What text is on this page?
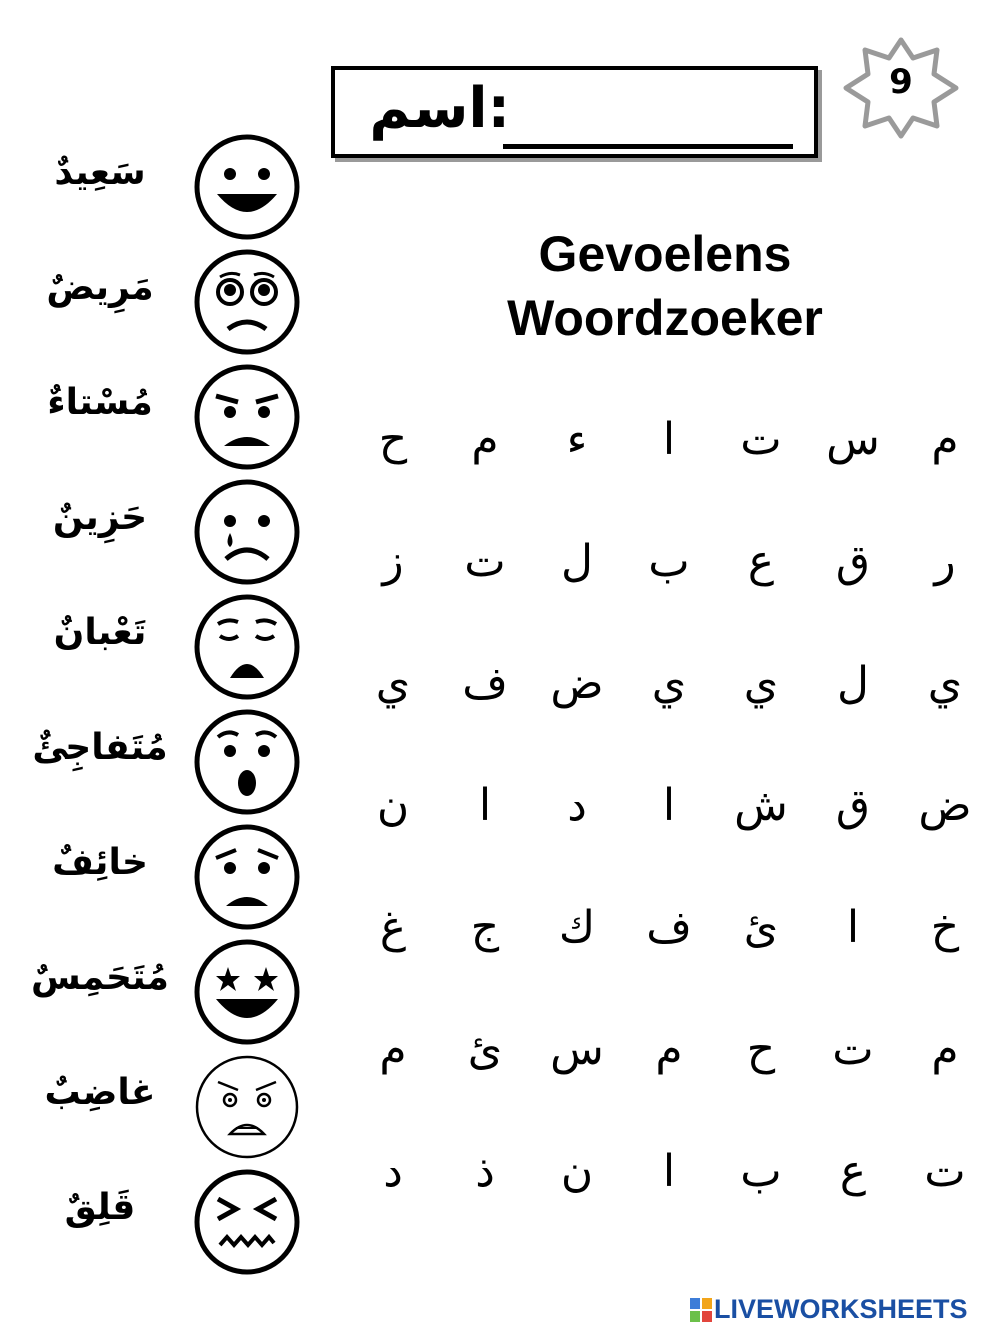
اسم:	9
Gevoelens
Woordzoeker
سَعِيدٌ
مَرِيضٌ
مُسْتاءٌ
حَزِينٌ
تَعْبانٌ
مُتَفاجِئٌ
خائِفٌ
مُتَحَمِسٌ
غاضِبٌ
قَلِقٌ
م
س
ت
ا
ء
م
ح
ر
ق
ع
ب
ل
ت
ز
ي
ل
ي
ي
ض
ف
ي
ض
ق
ش
ا
د
ا
ن
خ
ا
ئ
ف
ك
ج
غ
م
ت
ح
م
س
ئ
م
ت
ع
ب
ا
ن
ذ
د
LIVEWORKSHEETS
